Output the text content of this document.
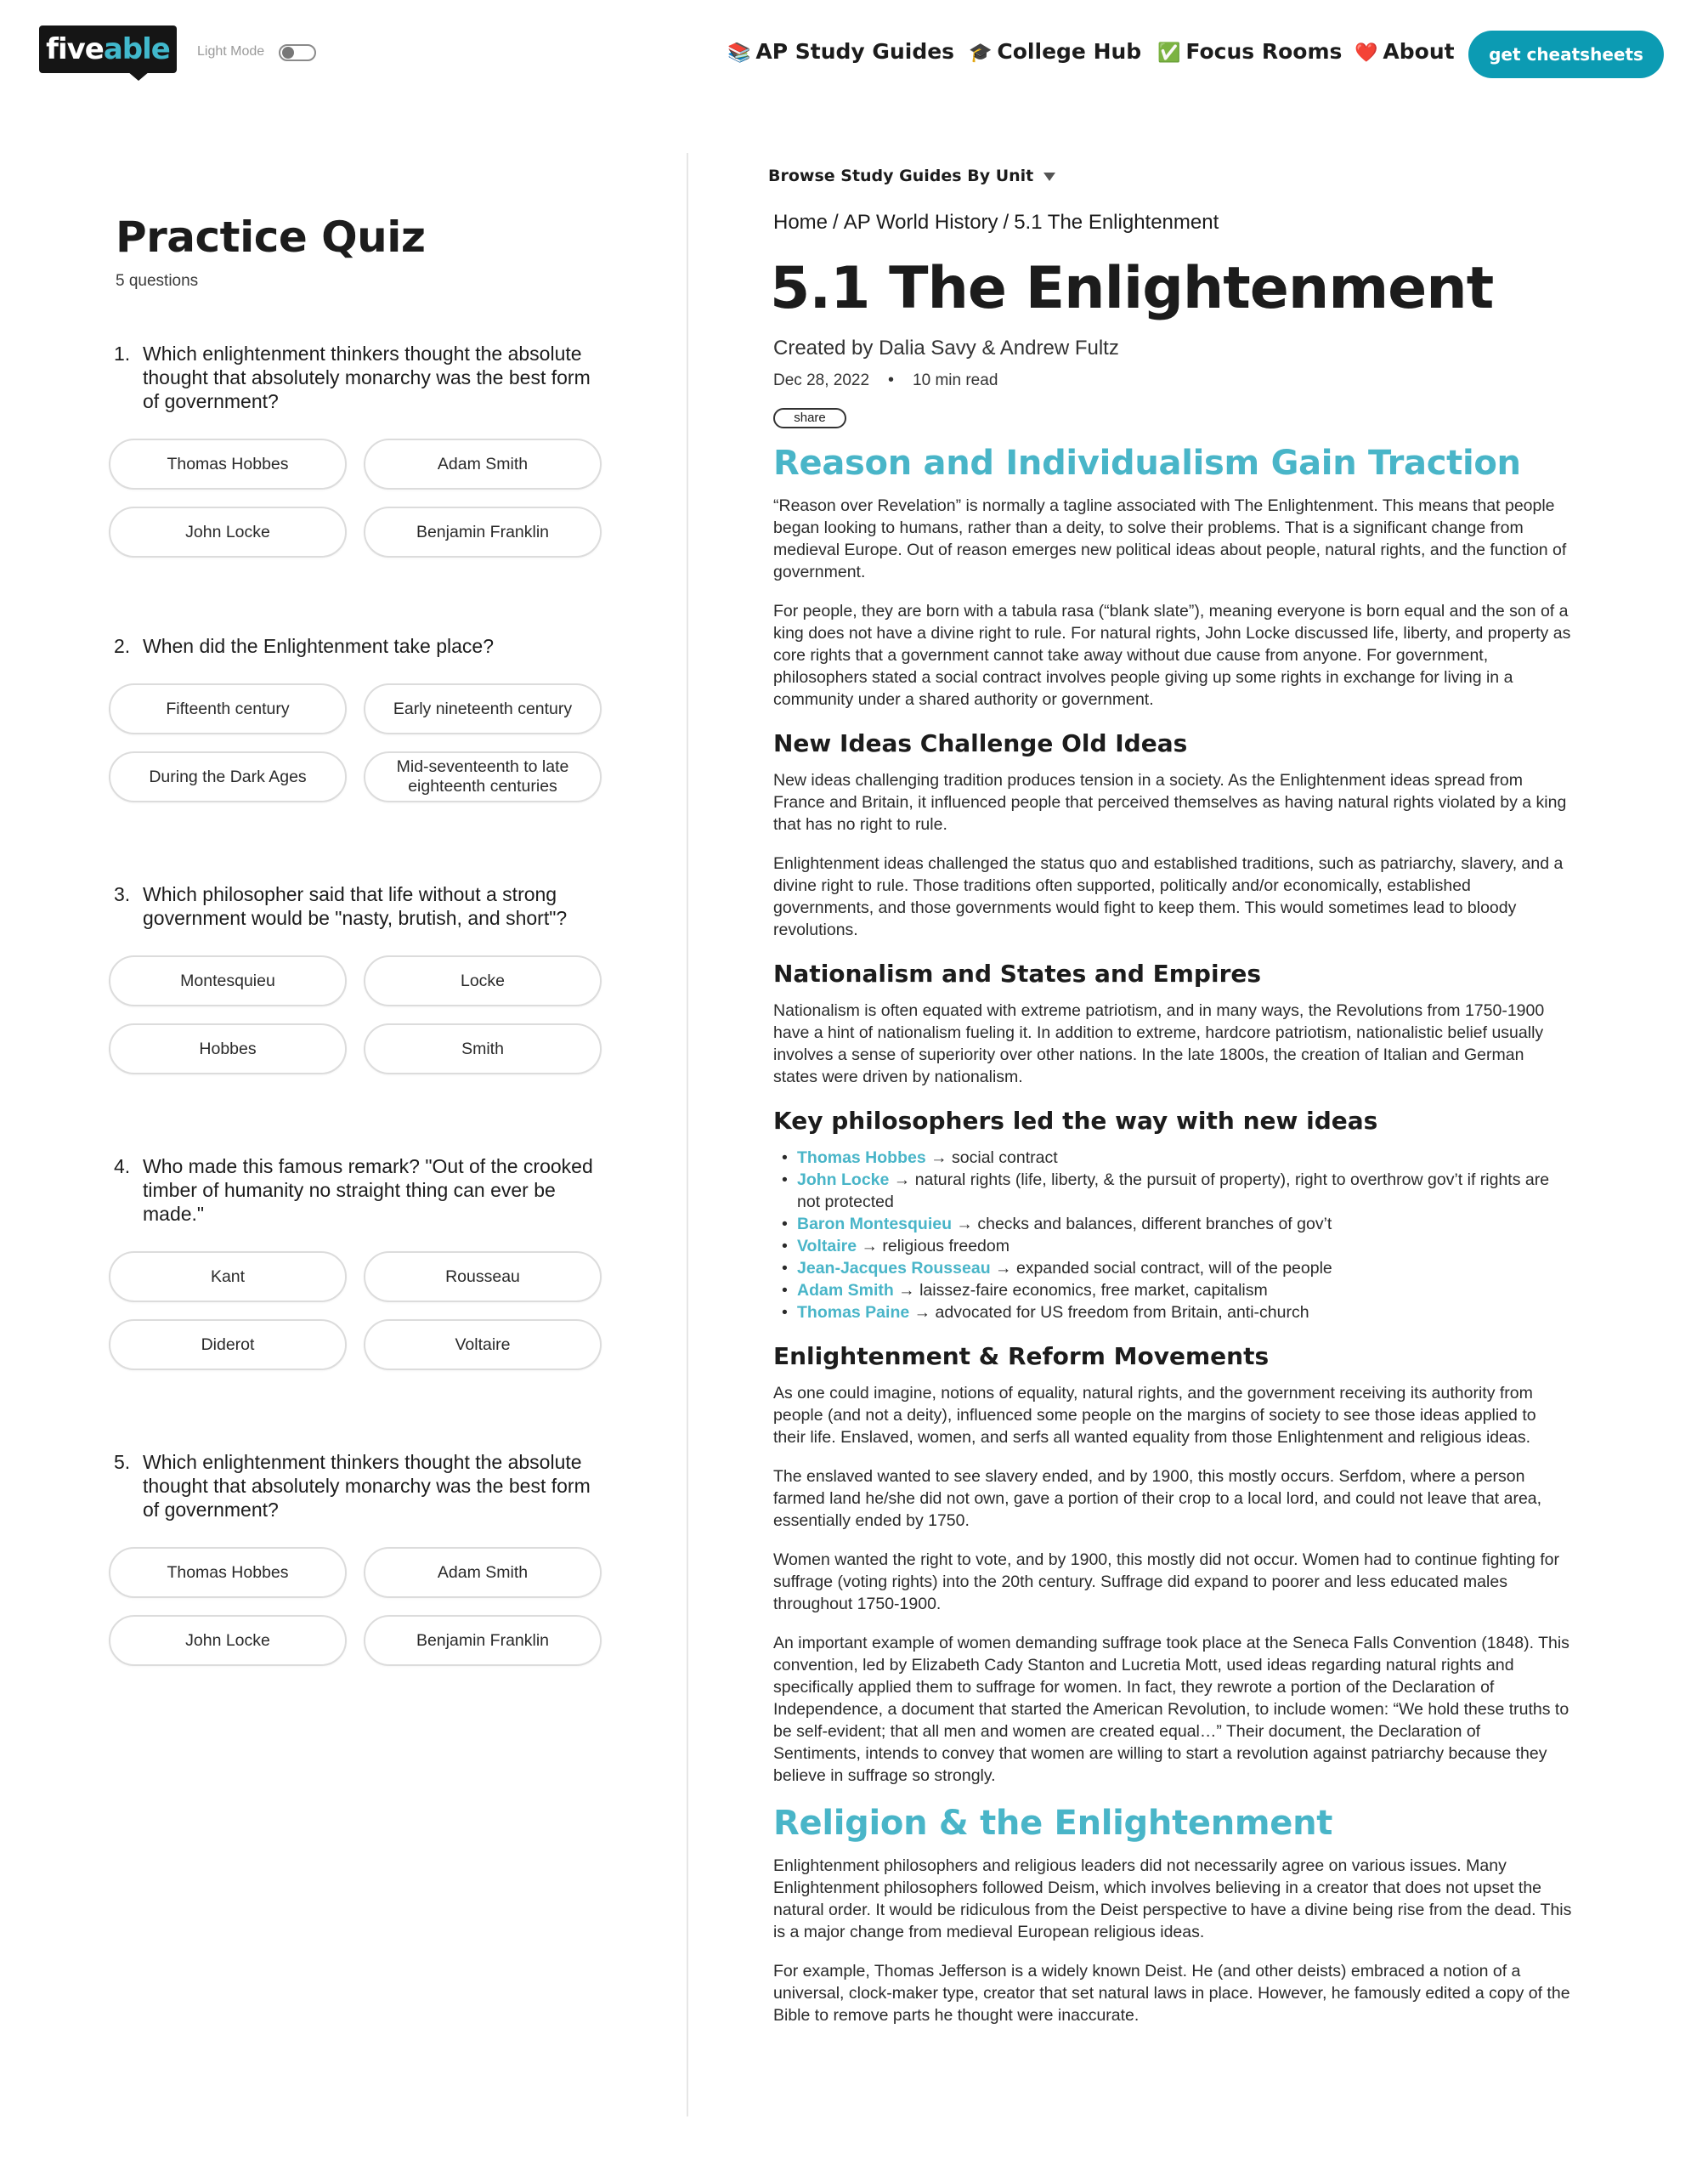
fiveable	Light Mode	📚 AP Study Guides 🎓 College Hub ✅ Focus Rooms ❤️ About	get cheatsheets
Practice Quiz
5 questions
1. Which enlightenment thinkers thought the absolute thought that absolutely monarchy was the best form of government?
Thomas Hobbes	Adam Smith
John Locke	Benjamin Franklin
2. When did the Enlightenment take place?
Fifteenth century	Early nineteenth century
During the Dark Ages
Mid-seventeenth to late eighteenth centuries
3. Which philosopher said that life without a strong government would be "nasty, brutish, and short"?
Montesquieu	Locke
Hobbes	Smith
4. Who made this famous remark? "Out of the crooked timber of humanity no straight thing can ever be made."
Kant	Rousseau
Diderot	Voltaire
5. Which enlightenment thinkers thought the absolute thought that absolutely monarchy was the best form of government?
Thomas Hobbes	Adam Smith
John Locke	Benjamin Franklin
Browse Study Guides By Unit
Home / AP World History / 5.1 The Enlightenment
5.1 The Enlightenment
Created by Dalia Savy & Andrew Fultz
Dec 28, 2022 • 10 min read
share
Reason and Individualism Gain Traction

“Reason over Revelation” is normally a tagline associated with The Enlightenment. This means that people began looking to humans, rather than a deity, to solve their problems. That is a significant change from medieval Europe. Out of reason emerges new political ideas about people, natural rights, and the function of government.

For people, they are born with a tabula rasa (“blank slate”), meaning everyone is born equal and the son of a king does not have a divine right to rule. For natural rights, John Locke discussed life, liberty, and property as core rights that a government cannot take away without due cause from anyone. For government, philosophers stated a social contract involves people giving up some rights in exchange for living in a community under a shared authority or government.

New Ideas Challenge Old Ideas

New ideas challenging tradition produces tension in a society. As the Enlightenment ideas spread from France and Britain, it influenced people that perceived themselves as having natural rights violated by a king that has no right to rule.

Enlightenment ideas challenged the status quo and established traditions, such as patriarchy, slavery, and a divine right to rule. Those traditions often supported, politically and/or economically, established governments, and those governments would fight to keep them. This would sometimes lead to bloody revolutions.

Nationalism and States and Empires

Nationalism is often equated with extreme patriotism, and in many ways, the Revolutions from 1750-1900 have a hint of nationalism fueling it. In addition to extreme, hardcore patriotism, nationalistic belief usually involves a sense of superiority over other nations. In the late 1800s, the creation of Italian and German states were driven by nationalism.

Key philosophers led the way with new ideas
• Thomas Hobbes → social contract
• John Locke → natural rights (life, liberty, & the pursuit of property), right to overthrow gov’t if rights are not protected
• Baron Montesquieu → checks and balances, different branches of gov’t
• Voltaire → religious freedom
• Jean-Jacques Rousseau → expanded social contract, will of the people
• Adam Smith → laissez-faire economics, free market, capitalism
• Thomas Paine → advocated for US freedom from Britain, anti-church
Enlightenment & Reform Movements

As one could imagine, notions of equality, natural rights, and the government receiving its authority from people (and not a deity), influenced some people on the margins of society to see those ideas applied to their life. Enslaved, women, and serfs all wanted equality from those Enlightenment and religious ideas.

The enslaved wanted to see slavery ended, and by 1900, this mostly occurs. Serfdom, where a person farmed land he/she did not own, gave a portion of their crop to a local lord, and could not leave that area, essentially ended by 1750.

Women wanted the right to vote, and by 1900, this mostly did not occur. Women had to continue fighting for suffrage (voting rights) into the 20th century. Suffrage did expand to poorer and less educated males throughout 1750-1900.

An important example of women demanding suffrage took place at the Seneca Falls Convention (1848). This convention, led by Elizabeth Cady Stanton and Lucretia Mott, used ideas regarding natural rights and specifically applied them to suffrage for women. In fact, they rewrote a portion of the Declaration of Independence, a document that started the American Revolution, to include women: “We hold these truths to be self-evident; that all men and women are created equal…” Their document, the Declaration of Sentiments, intends to convey that women are willing to start a revolution against patriarchy because they believe in suffrage so strongly.

Religion & the Enlightenment

Enlightenment philosophers and religious leaders did not necessarily agree on various issues. Many Enlightenment philosophers followed Deism, which involves believing in a creator that does not upset the natural order. It would be ridiculous from the Deist perspective to have a divine being rise from the dead. This is a major change from medieval European religious ideas.

For example, Thomas Jefferson is a widely known Deist. He (and other deists) embraced a notion of a universal, clock-maker type, creator that set natural laws in place. However, he famously edited a copy of the Bible to remove parts he thought were inaccurate.
